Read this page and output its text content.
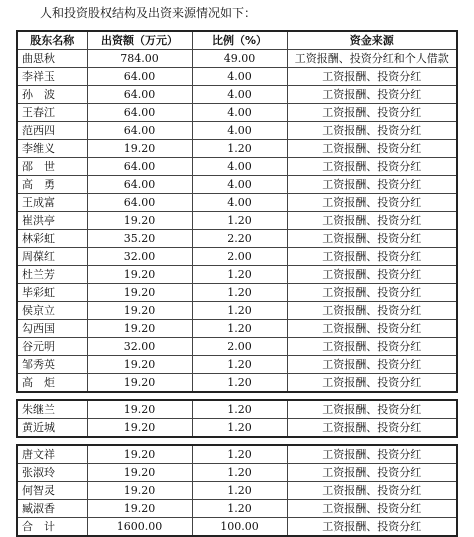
人和投资股权结构及出资来源情况如下：
股东名称	出资额（万元）	比例（%）	资金来源
曲思秋	784.00	49.00	工资报酬、投资分红和个人借款
李祥玉	64.00	4.00	工资报酬、投资分红
孙　波	64.00	4.00	工资报酬、投资分红
王春江	64.00	4.00	工资报酬、投资分红
范西四	64.00	4.00	工资报酬、投资分红
李维义	19.20	1.20	工资报酬、投资分红
邵　世	64.00	4.00	工资报酬、投资分红
高　勇	64.00	4.00	工资报酬、投资分红
王成富	64.00	4.00	工资报酬、投资分红
崔洪亭	19.20	1.20	工资报酬、投资分红
林彩虹	35.20	2.20	工资报酬、投资分红
周葆红	32.00	2.00	工资报酬、投资分红
杜兰芳	19.20	1.20	工资报酬、投资分红
毕彩虹	19.20	1.20	工资报酬、投资分红
侯京立	19.20	1.20	工资报酬、投资分红
勾西国	19.20	1.20	工资报酬、投资分红
谷元明	32.00	2.00	工资报酬、投资分红
邹秀英	19.20	1.20	工资报酬、投资分红
高　炬	19.20	1.20	工资报酬、投资分红
朱继兰	19.20	1.20	工资报酬、投资分红
黄近城	19.20	1.20	工资报酬、投资分红
唐文祥	19.20	1.20	工资报酬、投资分红
张淑玲	19.20	1.20	工资报酬、投资分红
何智灵	19.20	1.20	工资报酬、投资分红
臧淑香	19.20	1.20	工资报酬、投资分红
合　计	1600.00	100.00	工资报酬、投资分红
